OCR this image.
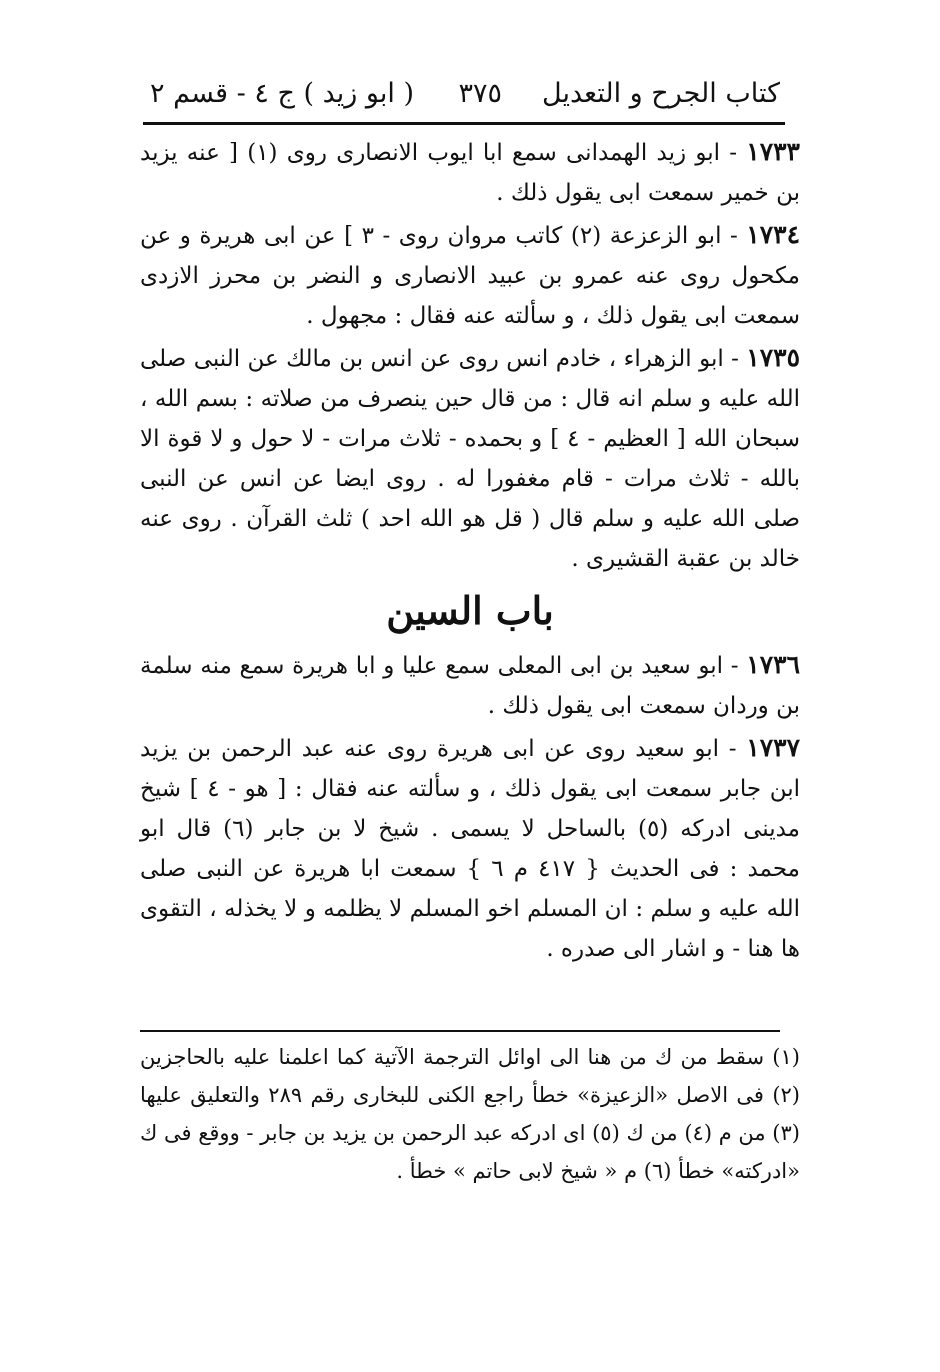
كتاب الجرح و التعديل
٣٧٥
( ابو زيد ) ج ٤ - قسم ٢

١٧٣٣ - ابو زيد الهمدانى سمع ابا ايوب الانصارى روى (١) [ عنه يزيد بن خمير سمعت ابى يقول ذلك .

١٧٣٤ - ابو الزعزعة (٢) كاتب مروان روى - ٣ ] عن ابى هريرة و عن مكحول روى عنه عمرو بن عبيد الانصارى و النضر بن محرز الازدى سمعت ابى يقول ذلك ، و سألته عنه فقال : مجهول .

١٧٣٥ - ابو الزهراء ، خادم انس روى عن انس بن مالك عن النبى صلى الله عليه و سلم انه قال : من قال حين ينصرف من صلاته : بسم الله ، سبحان الله [ العظيم - ٤ ] و بحمده - ثلاث مرات - لا حول و لا قوة الا بالله - ثلاث مرات - قام مغفورا له . روى ايضا عن انس عن النبى صلى الله عليه و سلم قال ( قل هو الله احد ) ثلث القرآن . روى عنه خالد بن عقبة القشيرى .

باب السين

١٧٣٦ - ابو سعيد بن ابى المعلى سمع عليا و ابا هريرة سمع منه سلمة بن وردان سمعت ابى يقول ذلك .

١٧٣٧ - ابو سعيد روى عن ابى هريرة روى عنه عبد الرحمن بن يزيد ابن جابر سمعت ابى يقول ذلك ، و سألته عنه فقال : [ هو - ٤ ] شيخ مدينى ادركه (٥) بالساحل لا يسمى . شيخ لا بن جابر (٦) قال ابو محمد : فى الحديث { ٤١٧ م ٦ } سمعت ابا هريرة عن النبى صلى الله عليه و سلم : ان المسلم اخو المسلم لا يظلمه و لا يخذله ، التقوى ها هنا - و اشار الى صدره .

(١) سقط من ك من هنا الى اوائل الترجمة الآتية كما اعلمنا عليه بالحاجزين (٢) فى الاصل «الزعيزة» خطأ راجع الكنى للبخارى رقم ٢٨٩ والتعليق عليها (٣) من م (٤) من ك (٥) اى ادركه عبد الرحمن بن يزيد بن جابر - ووقع فى ك «ادركته» خطأ (٦) م « شيخ لابى حاتم » خطأ .
